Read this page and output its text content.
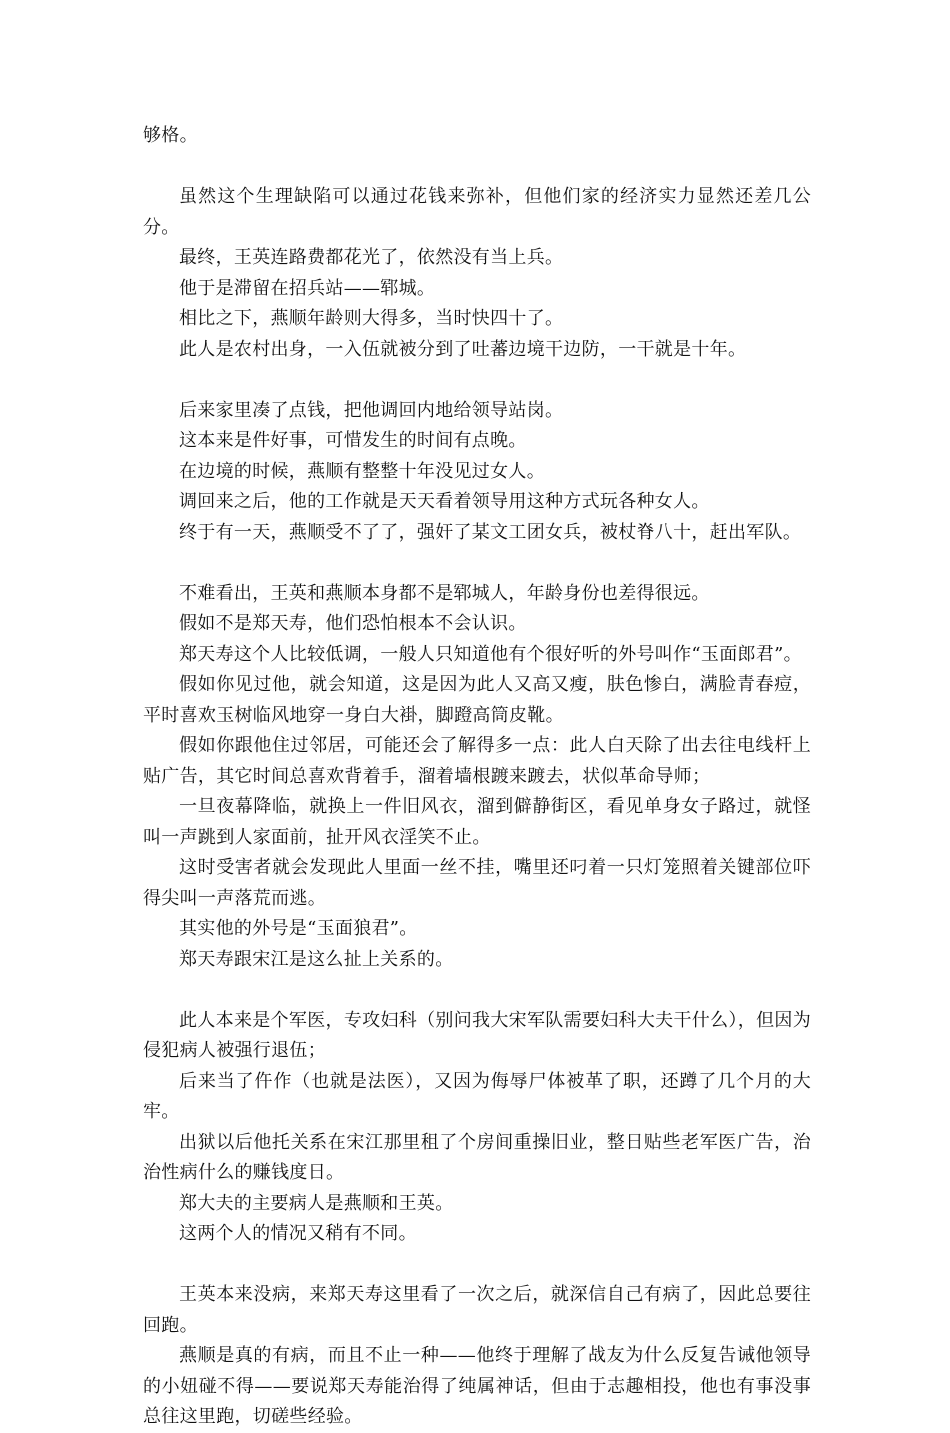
够格。

虽然这个生理缺陷可以通过花钱来弥补，但他们家的经济实力显然还差几公分。

最终，王英连路费都花光了，依然没有当上兵。

他于是滞留在招兵站——郓城。

相比之下，燕顺年龄则大得多，当时快四十了。

此人是农村出身，一入伍就被分到了吐蕃边境干边防，一干就是十年。

后来家里凑了点钱，把他调回内地给领导站岗。

这本来是件好事，可惜发生的时间有点晚。

在边境的时候，燕顺有整整十年没见过女人。

调回来之后，他的工作就是天天看着领导用这种方式玩各种女人。

终于有一天，燕顺受不了了，强奸了某文工团女兵，被杖脊八十，赶出军队。

不难看出，王英和燕顺本身都不是郓城人，年龄身份也差得很远。

假如不是郑天寿，他们恐怕根本不会认识。

郑天寿这个人比较低调，一般人只知道他有个很好听的外号叫作“玉面郎君”。

假如你见过他，就会知道，这是因为此人又高又瘦，肤色惨白，满脸青春痘，平时喜欢玉树临风地穿一身白大褂，脚蹬高筒皮靴。

假如你跟他住过邻居，可能还会了解得多一点：此人白天除了出去往电线杆上贴广告，其它时间总喜欢背着手，溜着墙根踱来踱去，状似革命导师；

一旦夜幕降临，就换上一件旧风衣，溜到僻静街区，看见单身女子路过，就怪叫一声跳到人家面前，扯开风衣淫笑不止。

这时受害者就会发现此人里面一丝不挂，嘴里还叼着一只灯笼照着关键部位吓得尖叫一声落荒而逃。

其实他的外号是“玉面狼君”。

郑天寿跟宋江是这么扯上关系的。

此人本来是个军医，专攻妇科（别问我大宋军队需要妇科大夫干什么），但因为侵犯病人被强行退伍；

后来当了仵作（也就是法医），又因为侮辱尸体被革了职，还蹲了几个月的大牢。

出狱以后他托关系在宋江那里租了个房间重操旧业，整日贴些老军医广告，治治性病什么的赚钱度日。

郑大夫的主要病人是燕顺和王英。

这两个人的情况又稍有不同。

王英本来没病，来郑天寿这里看了一次之后，就深信自己有病了，因此总要往回跑。

燕顺是真的有病，而且不止一种——他终于理解了战友为什么反复告诫他领导的小妞碰不得——要说郑天寿能治得了纯属神话，但由于志趣相投，他也有事没事总往这里跑，切磋些经验。
